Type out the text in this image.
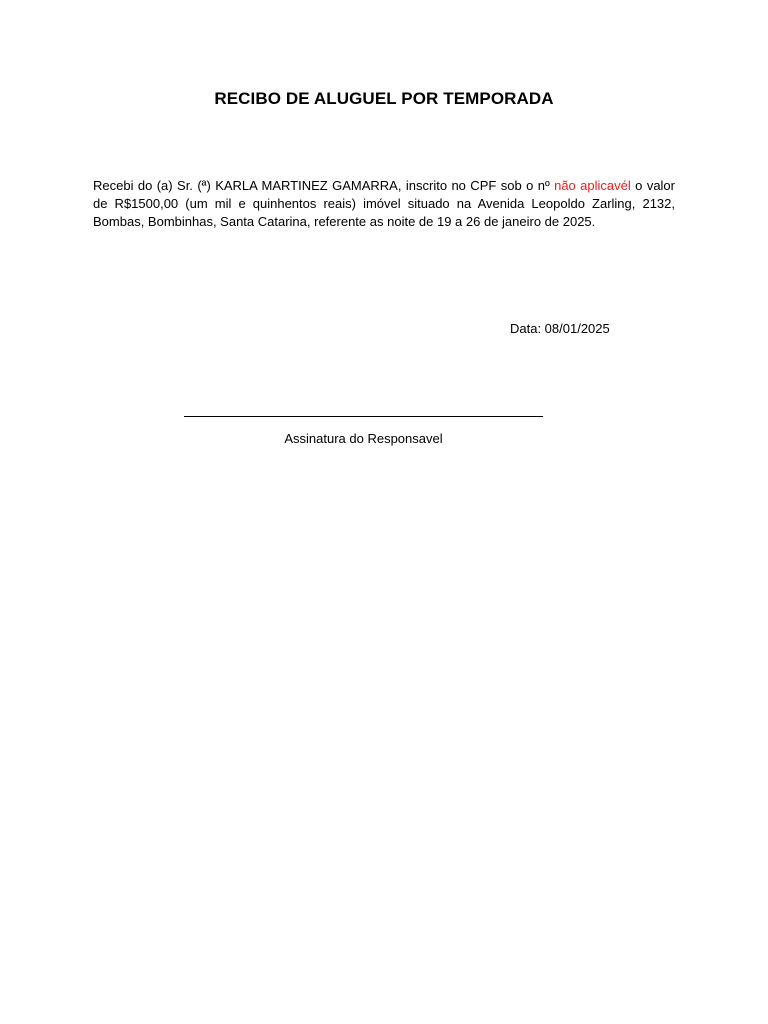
RECIBO DE ALUGUEL POR TEMPORADA

Recebi do (a) Sr. (ª) KARLA MARTINEZ GAMARRA, inscrito no CPF sob o nº não aplicavél o valor de R$1500,00 (um mil e quinhentos reais) imóvel situado na Avenida Leopoldo Zarling, 2132, Bombas, Bombinhas, Santa Catarina, referente as noite de 19 a 26 de janeiro de 2025.

Data: 08/01/2025
Assinatura do Responsavel
